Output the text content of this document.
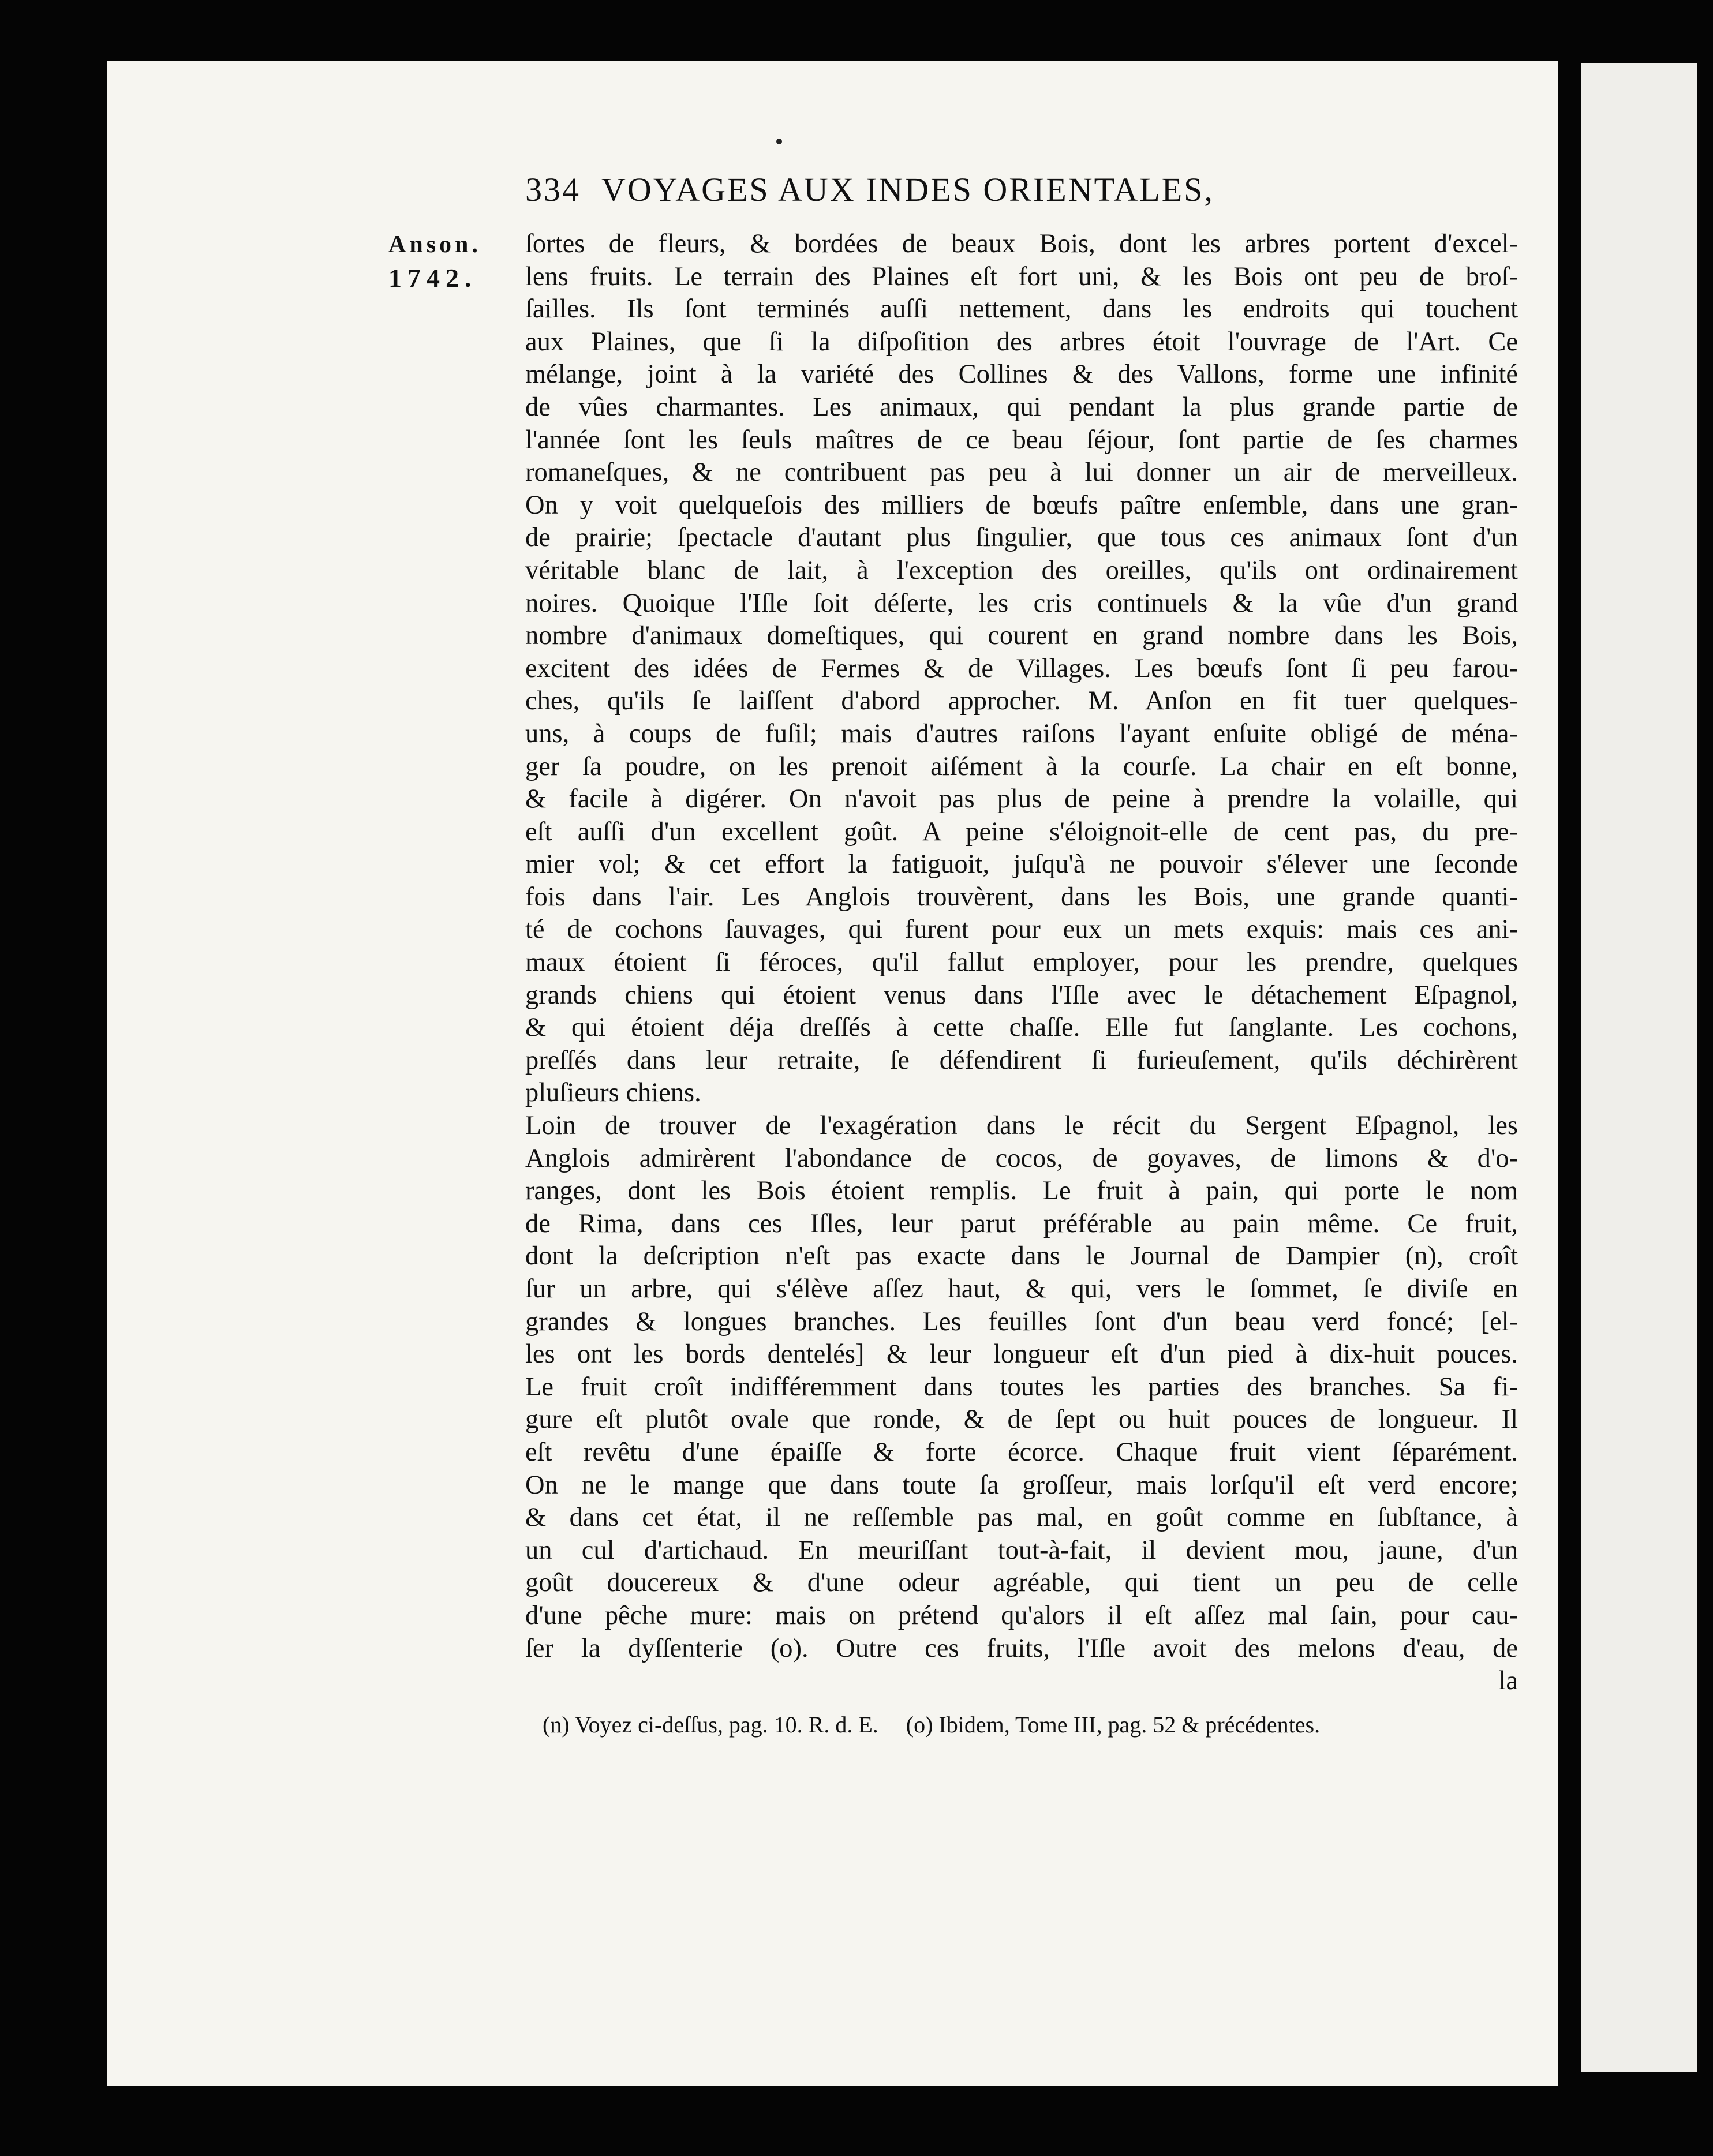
334 VOYAGES AUX INDES ORIENTALES,
Anson.
1742.
ſortes de fleurs, & bordées de beaux Bois, dont les arbres portent d'excel-
lens fruits. Le terrain des Plaines eſt fort uni, & les Bois ont peu de broſ-
ſailles. Ils ſont terminés auſſi nettement, dans les endroits qui touchent
aux Plaines, que ſi la diſpoſition des arbres étoit l'ouvrage de l'Art. Ce
mélange, joint à la variété des Collines & des Vallons, forme une infinité
de vûes charmantes. Les animaux, qui pendant la plus grande partie de
l'année ſont les ſeuls maîtres de ce beau ſéjour, ſont partie de ſes charmes
romaneſques, & ne contribuent pas peu à lui donner un air de merveilleux.
On y voit quelqueſois des milliers de bœufs paître enſemble, dans une gran-
de prairie; ſpectacle d'autant plus ſingulier, que tous ces animaux ſont d'un
véritable blanc de lait, à l'exception des oreilles, qu'ils ont ordinairement
noires. Quoique l'Iſle ſoit déſerte, les cris continuels & la vûe d'un grand
nombre d'animaux domeſtiques, qui courent en grand nombre dans les Bois,
excitent des idées de Fermes & de Villages. Les bœufs ſont ſi peu farou-
ches, qu'ils ſe laiſſent d'abord approcher. M. Anſon en fit tuer quelques-
uns, à coups de fuſil; mais d'autres raiſons l'ayant enſuite obligé de ména-
ger ſa poudre, on les prenoit aiſément à la courſe. La chair en eſt bonne,
& facile à digérer. On n'avoit pas plus de peine à prendre la volaille, qui
eſt auſſi d'un excellent goût. A peine s'éloignoit-elle de cent pas, du pre-
mier vol; & cet effort la fatiguoit, juſqu'à ne pouvoir s'élever une ſeconde
fois dans l'air. Les Anglois trouvèrent, dans les Bois, une grande quanti-
té de cochons ſauvages, qui furent pour eux un mets exquis: mais ces ani-
maux étoient ſi féroces, qu'il fallut employer, pour les prendre, quelques
grands chiens qui étoient venus dans l'Iſle avec le détachement Eſpagnol,
& qui étoient déja dreſſés à cette chaſſe. Elle fut ſanglante. Les cochons,
preſſés dans leur retraite, ſe défendirent ſi furieuſement, qu'ils déchirèrent
pluſieurs chiens.
Loin de trouver de l'exagération dans le récit du Sergent Eſpagnol, les
Anglois admirèrent l'abondance de cocos, de goyaves, de limons & d'o-
ranges, dont les Bois étoient remplis. Le fruit à pain, qui porte le nom
de Rima, dans ces Iſles, leur parut préférable au pain même. Ce fruit,
dont la deſcription n'eſt pas exacte dans le Journal de Dampier (n), croît
ſur un arbre, qui s'élève aſſez haut, & qui, vers le ſommet, ſe diviſe en
grandes & longues branches. Les feuilles ſont d'un beau verd foncé; [el-
les ont les bords dentelés] & leur longueur eſt d'un pied à dix-huit pouces.
Le fruit croît indifféremment dans toutes les parties des branches. Sa fi-
gure eſt plutôt ovale que ronde, & de ſept ou huit pouces de longueur. Il
eſt revêtu d'une épaiſſe & forte écorce. Chaque fruit vient ſéparément.
On ne le mange que dans toute ſa groſſeur, mais lorſqu'il eſt verd encore;
& dans cet état, il ne reſſemble pas mal, en goût comme en ſubſtance, à
un cul d'artichaud. En meuriſſant tout-à-fait, il devient mou, jaune, d'un
goût doucereux & d'une odeur agréable, qui tient un peu de celle
d'une pêche mure: mais on prétend qu'alors il eſt aſſez mal ſain, pour cau-
ſer la dyſſenterie (o). Outre ces fruits, l'Iſle avoit des melons d'eau, de
la
(n) Voyez ci-deſſus, pag. 10. R. d. E. (o) Ibidem, Tome III, pag. 52 & précédentes.
